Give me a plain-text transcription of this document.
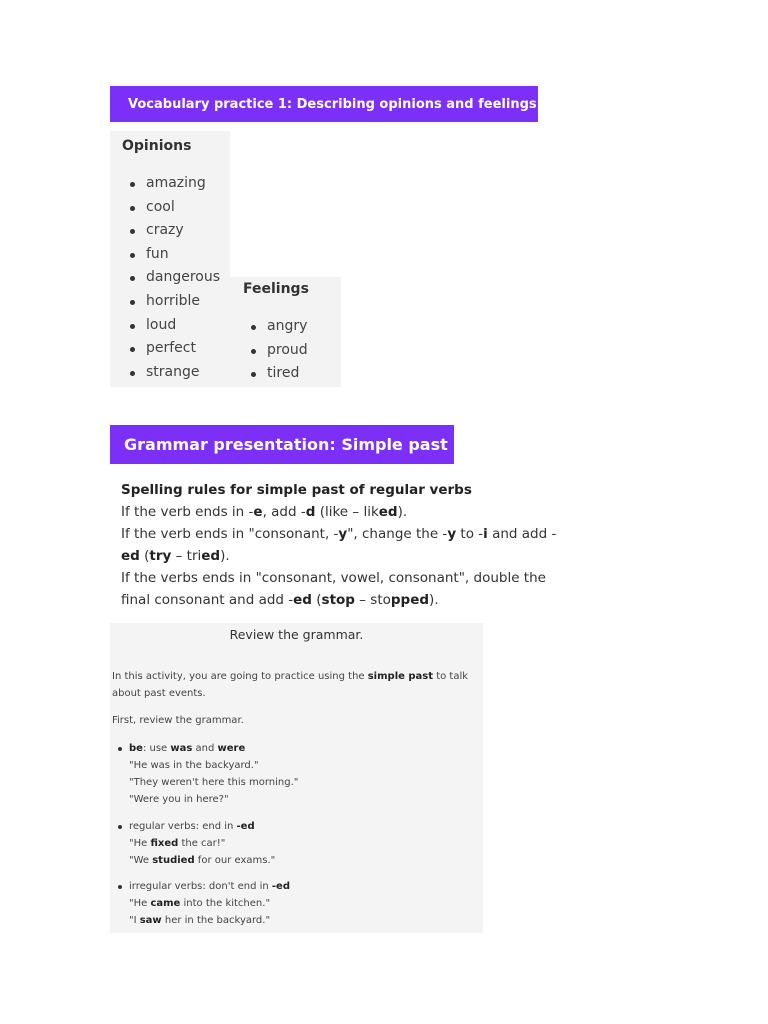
Vocabulary practice 1: Describing opinions and feelings
Opinions
amazing
cool
crazy
fun
dangerous
horrible
loud
perfect
strange
Feelings
angry
proud
tired
Grammar presentation: Simple past

Spelling rules for simple past of regular verbs

If the verb ends in -e, add -d (like – liked).

If the verb ends in "consonant, -y", change the -y to -i and add -ed (try – tried).

If the verbs ends in "consonant, vowel, consonant", double the final consonant and add -ed (stop – stopped).

Review the grammar.
In this activity, you are going to practice using the simple past to talk about past events.
First, review the grammar.
be: use was and were
"He was in the backyard."
"They weren't here this morning."
"Were you in here?"
regular verbs: end in -ed
"He fixed the car!"
"We studied for our exams."
irregular verbs: don't end in -ed
"He came into the kitchen."
"I saw her in the backyard."
